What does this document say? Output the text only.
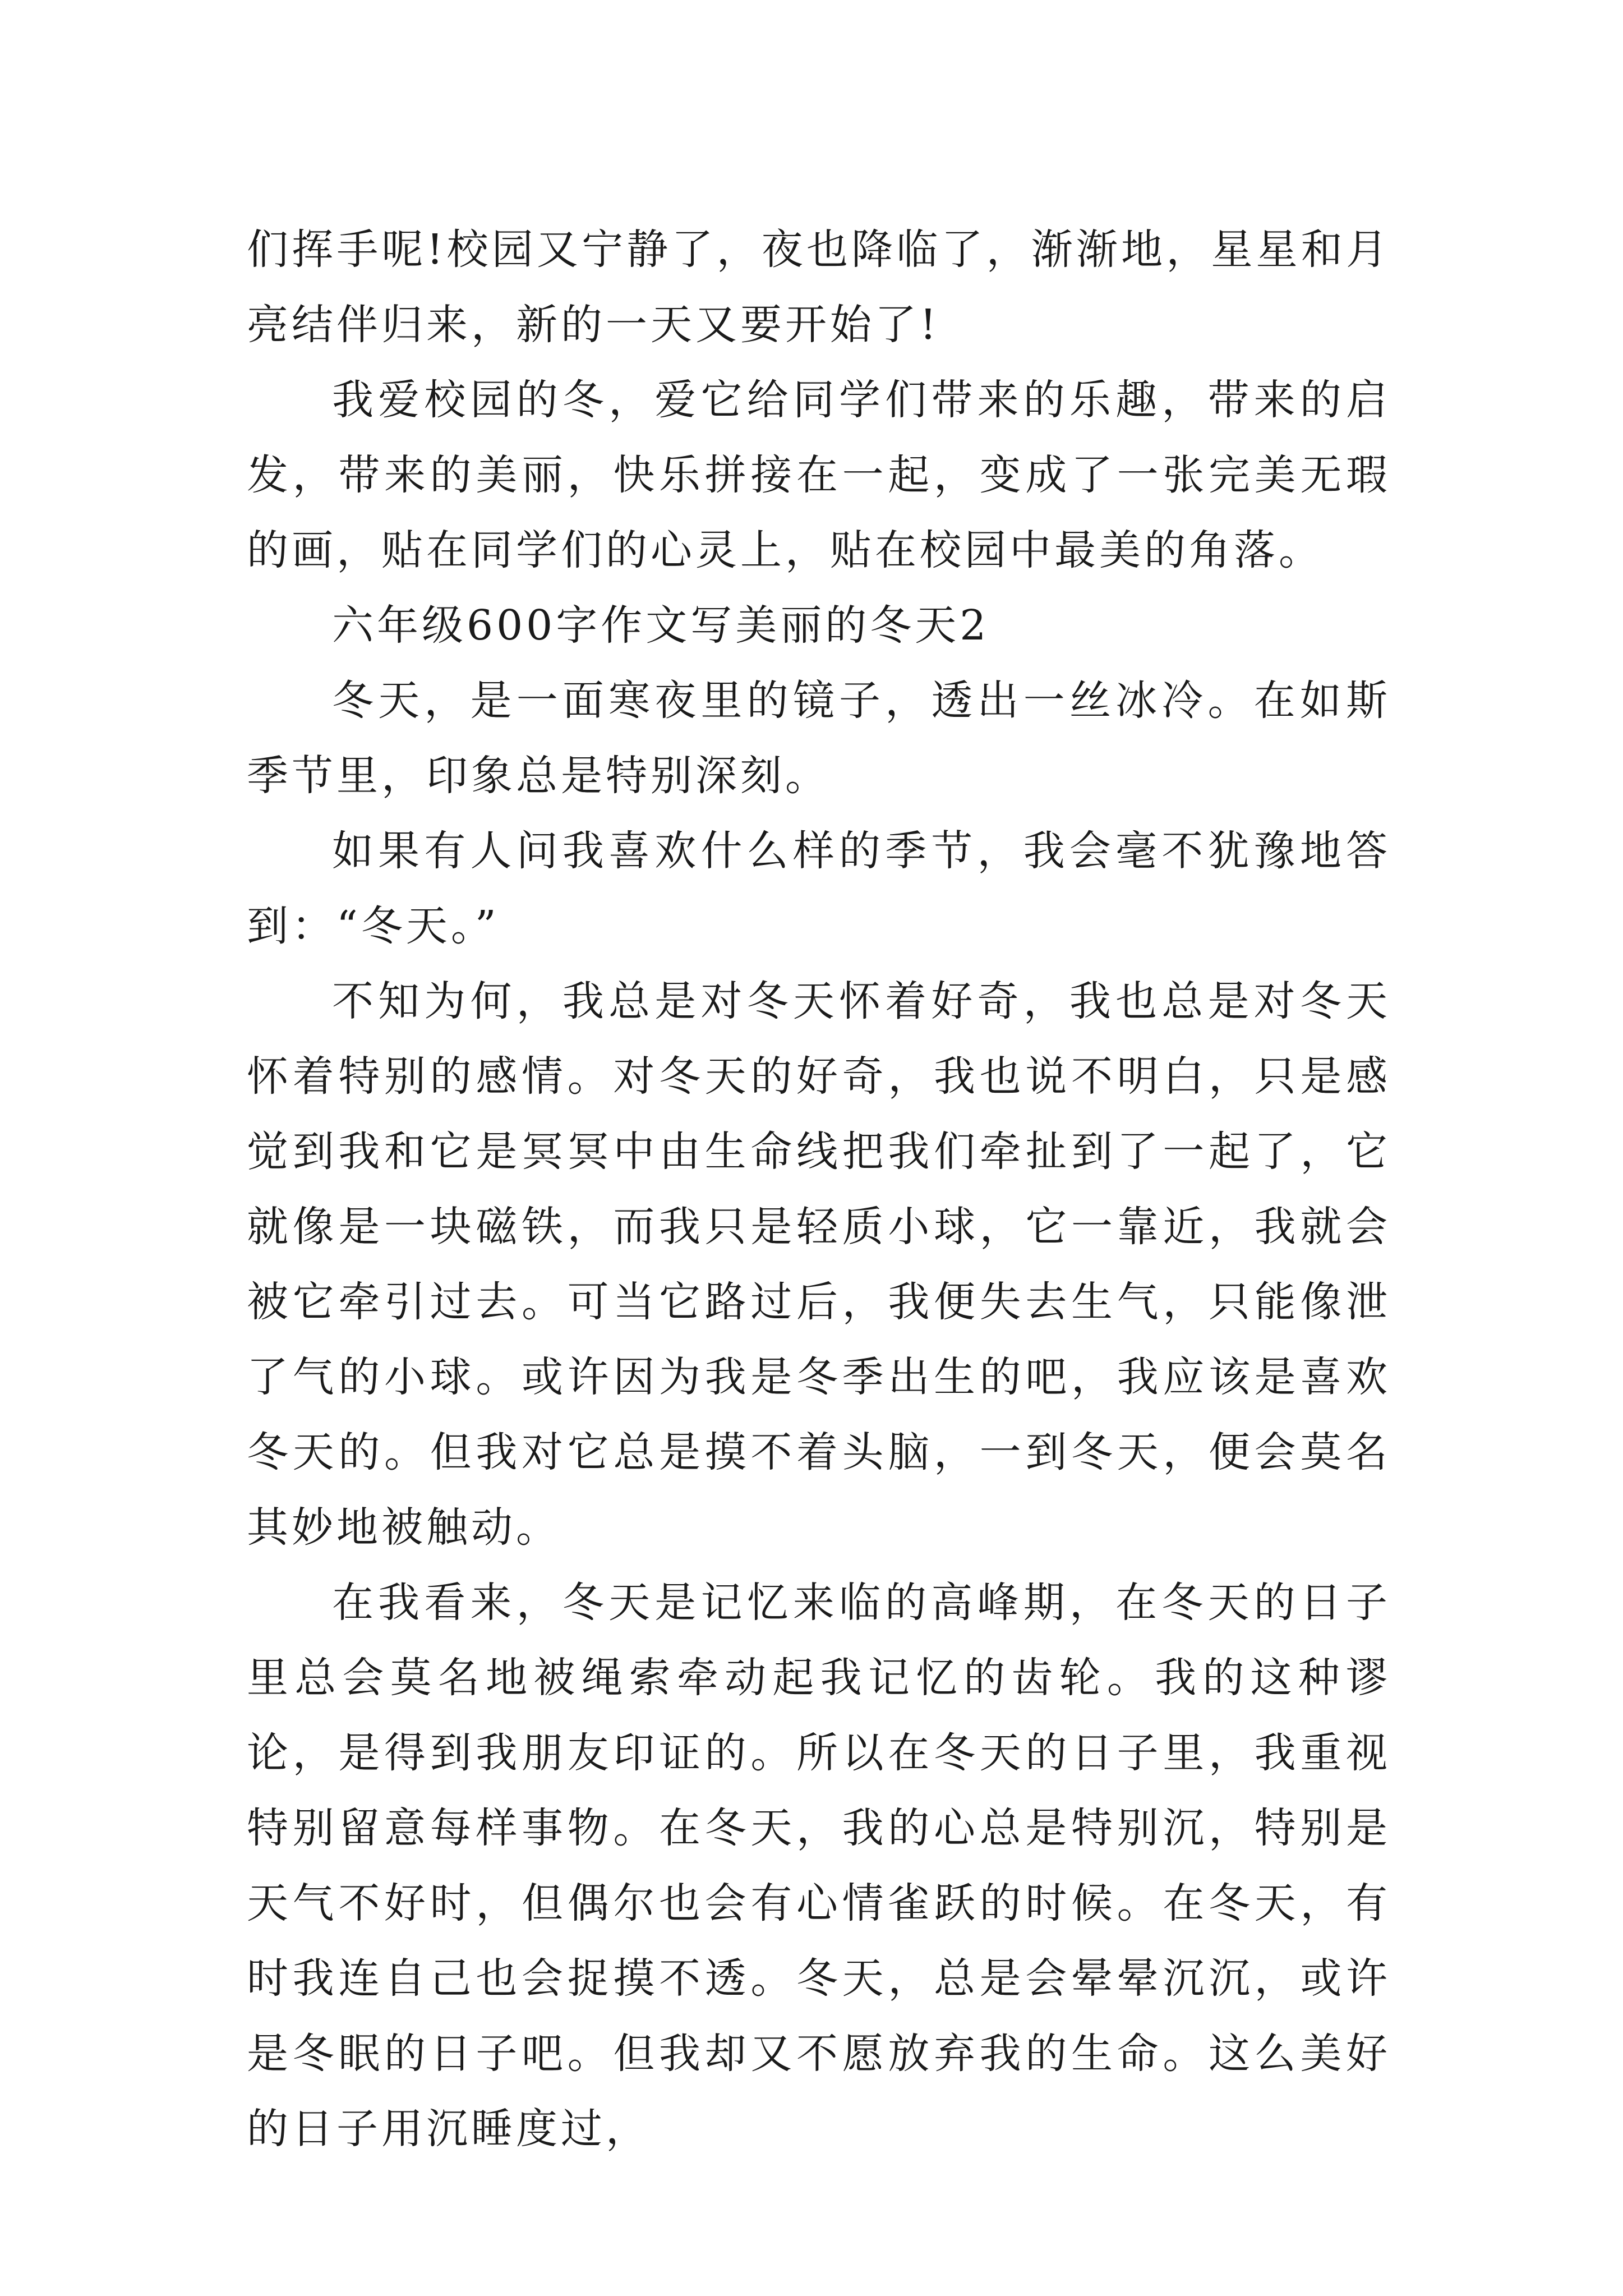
们挥手呢!校园又宁静了，夜也降临了，渐渐地，星星和月亮结伴归来，新的一天又要开始了!

我爱校园的冬，爱它给同学们带来的乐趣，带来的启发，带来的美丽，快乐拼接在一起，变成了一张完美无瑕的画，贴在同学们的心灵上，贴在校园中最美的角落。

六年级600字作文写美丽的冬天2

冬天，是一面寒夜里的镜子，透出一丝冰冷。在如斯季节里，印象总是特别深刻。

如果有人问我喜欢什么样的季节，我会毫不犹豫地答到：“冬天。”

不知为何，我总是对冬天怀着好奇，我也总是对冬天怀着特别的感情。对冬天的好奇，我也说不明白，只是感觉到我和它是冥冥中由生命线把我们牵扯到了一起了，它就像是一块磁铁，而我只是轻质小球，它一靠近，我就会被它牵引过去。可当它路过后，我便失去生气，只能像泄了气的小球。或许因为我是冬季出生的吧，我应该是喜欢冬天的。但我对它总是摸不着头脑，一到冬天，便会莫名其妙地被触动。

在我看来，冬天是记忆来临的高峰期，在冬天的日子里总会莫名地被绳索牵动起我记忆的齿轮。我的这种谬论，是得到我朋友印证的。所以在冬天的日子里，我重视特别留意每样事物。在冬天，我的心总是特别沉，特别是天气不好时，但偶尔也会有心情雀跃的时候。在冬天，有时我连自己也会捉摸不透。冬天，总是会晕晕沉沉，或许是冬眠的日子吧。但我却又不愿放弃我的生命。这么美好的日子用沉睡度过，
